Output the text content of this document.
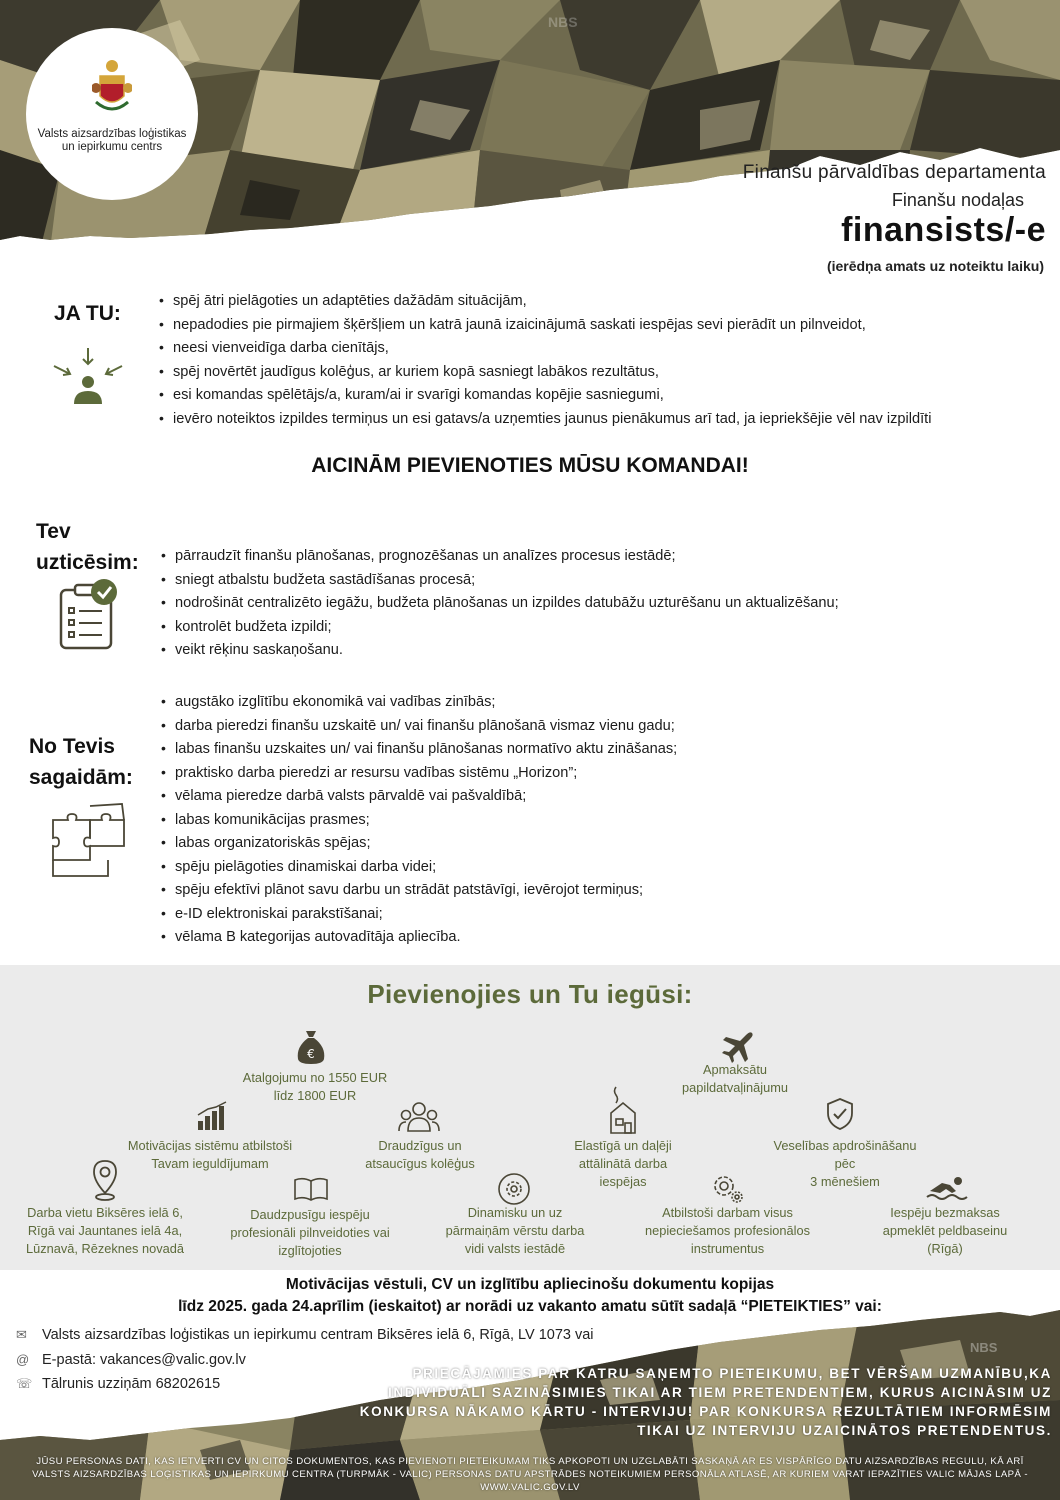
NBS
Valsts aizsardzības loģistikas un iepirkumu centrs
Finanšu pārvaldības departamenta
Finanšu nodaļas
finansists/-e
(ierēdņa amats uz noteiktu laiku)
JA TU:
• spēj ātri pielāgoties un adaptēties dažādām situācijām,
• nepadodies pie pirmajiem šķēršļiem un katrā jaunā izaicinājumā saskati iespējas sevi pierādīt un pilnveidot,
• neesi vienveidīga darba cienītājs,
• spēj novērtēt jaudīgus kolēģus, ar kuriem kopā sasniegt labākos rezultātus,
• esi komandas spēlētājs/a, kuram/ai ir svarīgi komandas kopējie sasniegumi,
• ievēro noteiktos izpildes termiņus un esi gatavs/a uzņemties jaunus pienākumus arī tad, ja iepriekšējie vēl nav izpildīti
AICINĀM PIEVIENOTIES MŪSU KOMANDAI!
Tev
uzticēsim:
•	pārraudzīt finanšu plānošanas, prognozēšanas un analīzes procesus iestādē;
• sniegt atbalstu budžeta sastādīšanas procesā;
• nodrošināt centralizēto iegāžu, budžeta plānošanas un izpildes datubāžu uzturēšanu un aktualizēšanu;
• kontrolēt budžeta izpildi;
• veikt rēķinu saskaņošanu.
No Tevis
sagaidām:
• augstāko izglītību ekonomikā vai vadības zinībās;
• darba pieredzi finanšu uzskaitē un/ vai finanšu plānošanā vismaz vienu gadu;
• labas finanšu uzskaites un/ vai finanšu plānošanas normatīvo aktu zināšanas;
• praktisko darba pieredzi ar resursu vadības sistēmu „Horizon”;
• vēlama pieredze darbā valsts pārvaldē vai pašvaldībā;
• labas komunikācijas prasmes;
• labas organizatoriskās spējas;
• spēju pielāgoties dinamiskai darba videi;
• spēju efektīvi plānot savu darbu un strādāt patstāvīgi, ievērojot termiņus;
• e-ID elektroniskai parakstīšanai;
• vēlama B kategorijas autovadītāja apliecība.
Pievienojies un Tu iegūsi:
€
Atalgojumu no 1550 EUR
līdz 1800 EUR
Apmaksātu
papildatvaļinājumu
Motivācijas sistēmu atbilstoši
Tavam ieguldījumam
Draudzīgus un
atsaucīgus kolēģus
Elastīgā un daļēji
attālinātā darba
iespējas
Veselības apdrošināšanu
pēc
3 mēnešiem
Darba vietu Biksēres ielā 6,
Rīgā vai Jauntanes ielā 4a,
Lūznavā, Rēzeknes novadā
Daudzpusīgu iespēju
profesionāli pilnveidoties vai
izglītojoties
Dinamisku un uz
pārmaiņām vērstu darba
vidi valsts iestādē
Atbilstoši darbam visus
nepieciešamos profesionālos
instrumentus
Iespēju bezmaksas
apmeklēt peldbaseinu
(Rīgā)
NBS
PRIECĀJAMIES PAR KATRU SAŅEMTO PIETEIKUMU, BET VĒRŠAM UZMANĪBU,KA INDIVIDUĀLI SAZINĀSIMIES TIKAI AR TIEM PRETENDENTIEM, KURUS AICINĀSIM UZ KONKURSA NĀKAMO KĀRTU - INTERVIJU! PAR KONKURSA REZULTĀTIEM INFORMĒSIM TIKAI UZ INTERVIJU UZAICINĀTOS PRETENDENTUS.
JŪSU PERSONAS DATI, KAS IETVERTI CV UN CITOS DOKUMENTOS, KAS PIEVIENOTI PIETEIKUMAM TIKS APKOPOTI UN UZGLABĀTI SASKAŅĀ AR ES VISPĀRĪGO DATU AIZSARDZĪBAS REGULU, KĀ ARĪ VALSTS AIZSARDZĪBAS LOĢISTIKAS UN IEPIRKUMU CENTRA (TURPMĀK - VALIC) PERSONAS DATU APSTRĀDES NOTEIKUMIEM PERSONĀLA ATLASĒ, AR KURIEM VARAT IEPAZĪTIES VALIC MĀJAS LAPĀ - WWW.VALIC.GOV.LV
Motivācijas vēstuli, CV un izglītību apliecinošu dokumentu kopijas
līdz 2025. gada 24.aprīlim (ieskaitot) ar norādi uz vakanto amatu sūtīt sadaļā “PIETEIKTIES” vai:
✉ Valsts aizsardzības loģistikas un iepirkumu centram Biksēres ielā 6, Rīgā, LV 1073 vai
@ E-pastā: vakances@valic.gov.lv
☏ Tālrunis uzziņām 68202615
